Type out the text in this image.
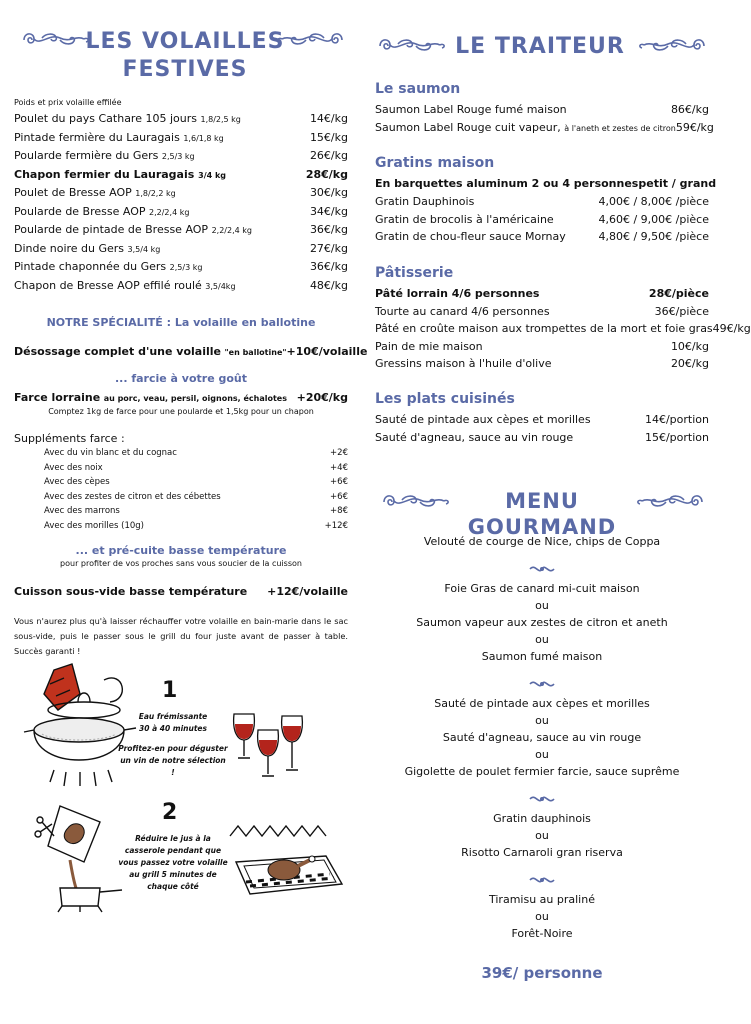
LES VOLAILLES
FESTIVES
Poids et prix volaille effilée
Poulet du pays Cathare 105 jours 1,8/2,5 kg	14€/kg
Pintade fermière du Lauragais 1,6/1,8 kg	15€/kg
Poularde fermière du Gers 2,5/3 kg	26€/kg
Chapon fermier du Lauragais 3/4 kg	28€/kg
Poulet de Bresse AOP 1,8/2,2 kg	30€/kg
Poularde de Bresse AOP 2,2/2,4 kg	34€/kg
Poularde de pintade de Bresse AOP 2,2/2,4 kg	36€/kg
Dinde noire du Gers 3,5/4 kg	27€/kg
Pintade chaponnée du Gers 2,5/3 kg	36€/kg
Chapon de Bresse AOP effilé roulé 3,5/4kg	48€/kg
NOTRE SPÉCIALITÉ : La volaille en ballotine
Désossage complet d'une volaille "en ballotine" +10€/volaille
... farcie à votre goût
Farce lorraine au porc, veau, persil, oignons, échalotes +20€/kg
Comptez 1kg de farce pour une poularde et 1,5kg pour un chapon
Suppléments farce :
Avec du vin blanc et du cognac	+2€
Avec des noix	+4€
Avec des cèpes	+6€
Avec des zestes de citron et des cébettes	+6€
Avec des marrons	+8€
Avec des morilles (10g)	+12€
... et pré-cuite basse température
pour profiter de vos proches sans vous soucier de la cuisson
Cuisson sous-vide basse température	+12€/volaille
Vous n'aurez plus qu'à laisser réchauffer votre volaille en bain-marie dans le sac sous-vide, puis le passer sous le grill du four juste avant de passer à table. Succès garanti !
1
Eau frémissante
30 à 40 minutes
Profitez-en pour déguster
un vin de notre sélection !
2
Réduire le jus à la
casserole pendant que
vous passez votre volaille
au grill 5 minutes de
chaque côté
LE TRAITEUR
Le saumon
Saumon Label Rouge fumé maison	86€/kg
Saumon Label Rouge cuit vapeur, à l'aneth et zestes de citron 59€/kg
Gratins maison
En barquettes aluminum 2 ou 4 personnes petit / grand
Gratin Dauphinois	4,00€ / 8,00€ /pièce
Gratin de brocolis à l'américaine	4,60€ / 9,00€ /pièce
Gratin de chou-fleur sauce Mornay	4,80€ / 9,50€ /pièce
Pâtisserie
Pâté lorrain 4/6 personnes	28€/pièce
Tourte au canard 4/6 personnes	36€/pièce
Pâté en croûte maison aux trompettes de la mort et foie gras 49€/kg
Pain de mie maison	10€/kg
Gressins maison à l'huile d'olive	20€/kg
Les plats cuisinés
Sauté de pintade aux cèpes et morilles	14€/portion
Sauté d'agneau, sauce au vin rouge	15€/portion
MENU GOURMAND
Velouté de courge de Nice, chips de Coppa
Foie Gras de canard mi-cuit maison
ou
Saumon vapeur aux zestes de citron et aneth
ou
Saumon fumé maison
Sauté de pintade aux cèpes et morilles
ou
Sauté d'agneau, sauce au vin rouge
ou
Gigolette de poulet fermier farcie, sauce suprême
Gratin dauphinois
ou
Risotto Carnaroli gran riserva
Tiramisu au praliné
ou
Forêt-Noire
39€/ personne
